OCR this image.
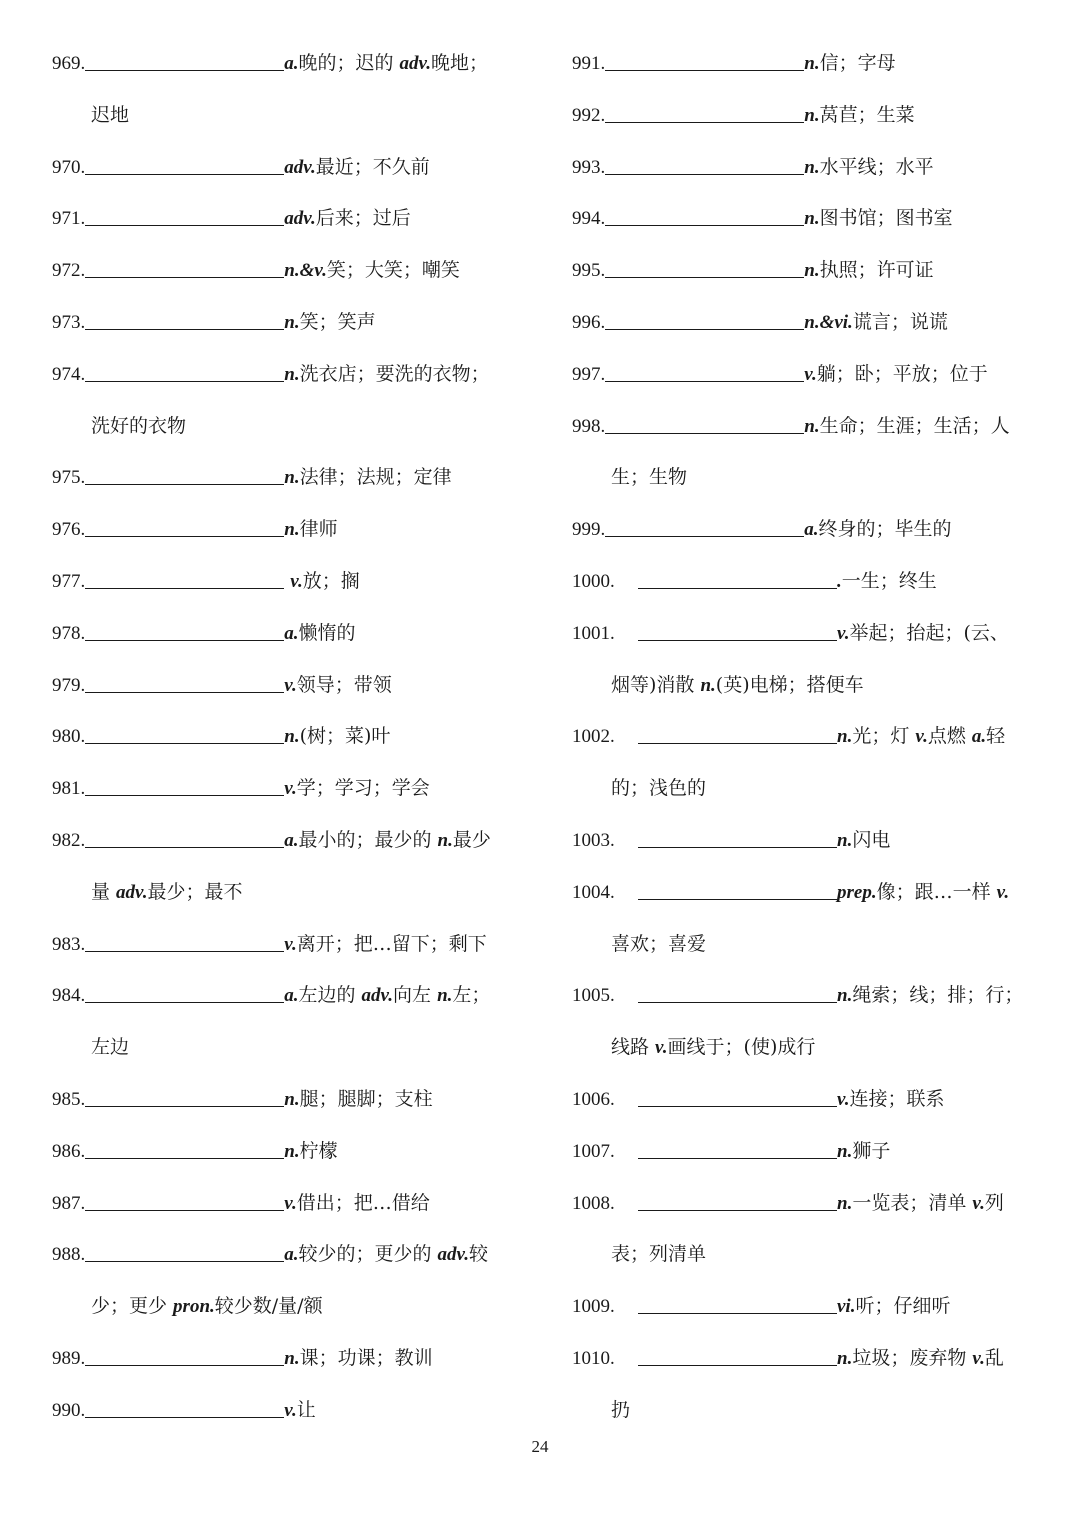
969.	a.晚的；迟的 adv.晚地；
迟地
970.	adv.最近；不久前
971.	adv.后来；过后
972.	n.&v.笑；大笑；嘲笑
973.	n.笑；笑声
974.	n.洗衣店；要洗的衣物；
洗好的衣物
975.	n.法律；法规；定律
976.	n.律师
977.	v.放；搁
978.	a.懒惰的
979.	v.领导；带领
980.	n.(树；菜)叶
981.	v.学；学习；学会
982.	a.最小的；最少的 n.最少
量 adv.最少；最不
983.	v.离开；把…留下；剩下
984.	a.左边的 adv.向左 n.左；
左边
985.	n.腿；腿脚；支柱
986.	n.柠檬
987.	v.借出；把…借给
988.	a.较少的；更少的 adv.较
少；更少 pron.较少数/量/额
989.	n.课；功课；教训
990.	v.让
991.	n.信；字母
992.	n.莴苣；生菜
993.	n.水平线；水平
994.	n.图书馆；图书室
995.	n.执照；许可证
996.	n.&vi.谎言；说谎
997.	v.躺；卧；平放；位于
998.	n.生命；生涯；生活；人
生；生物
999.	a.终身的；毕生的
1000.	.一生；终生
1001.	v.举起；抬起；(云、
烟等)消散 n.(英)电梯；搭便车
1002.	n.光；灯 v.点燃 a.轻
的；浅色的
1003.	n.闪电
1004.	prep.像；跟…一样 v.
喜欢；喜爱
1005.	n.绳索；线；排；行；
线路 v.画线于；(使)成行
1006.	v.连接；联系
1007.	n.狮子
1008.	n.一览表；清单 v.列
表；列清单
1009.	vi.听；仔细听
1010.	n.垃圾；废弃物 v.乱
扔
24
